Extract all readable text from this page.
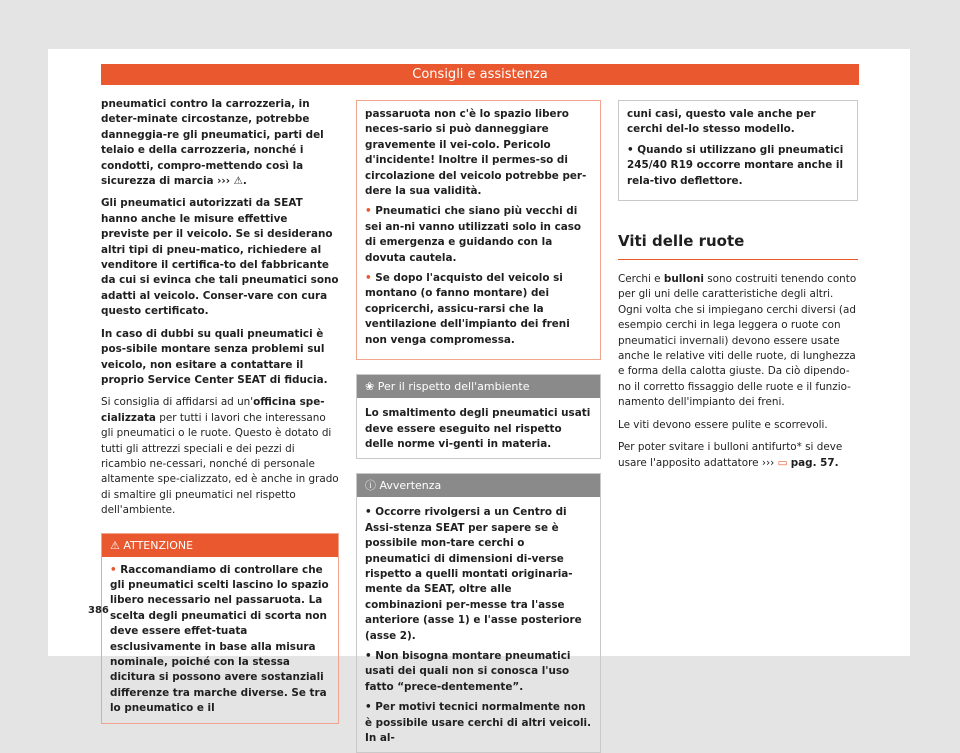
Consigli e assistenza

pneumatici contro la carrozzeria, in deter-minate circostanze, potrebbe danneggia-re gli pneumatici, parti del telaio e della carrozzeria, nonché i condotti, compro-mettendo così la sicurezza di marcia ››› ⚠.

Gli pneumatici autorizzati da SEAT hanno anche le misure effettive previste per il veicolo. Se si desiderano altri tipi di pneu-matico, richiedere al venditore il certifica-to del fabbricante da cui si evinca che tali pneumatici sono adatti al veicolo. Conser-vare con cura questo certificato.

In caso di dubbi su quali pneumatici è pos-sibile montare senza problemi sul veicolo, non esitare a contattare il proprio Service Center SEAT di fiducia.

Si consiglia di affidarsi ad un'officina spe-cializzata per tutti i lavori che interessano gli pneumatici o le ruote. Questo è dotato di tutti gli attrezzi speciali e dei pezzi di ricambio ne-cessari, nonché di personale altamente spe-cializzato, ed è anche in grado di smaltire gli pneumatici nel rispetto dell'ambiente.

⚠ ATTENZIONE

• Raccomandiamo di controllare che gli pneumatici scelti lascino lo spazio libero necessario nel passaruota. La scelta degli pneumatici di scorta non deve essere effet-tuata esclusivamente in base alla misura nominale, poiché con la stessa dicitura si possono avere sostanziali differenze tra marche diverse. Se tra lo pneumatico e il

passaruota non c'è lo spazio libero neces-sario si può danneggiare gravemente il vei-colo. Pericolo d'incidente! Inoltre il permes-so di circolazione del veicolo potrebbe per-dere la sua validità.

• Pneumatici che siano più vecchi di sei an-ni vanno utilizzati solo in caso di emergenza e guidando con la dovuta cautela.

• Se dopo l'acquisto del veicolo si montano (o fanno montare) dei copricerchi, assicu-rarsi che la ventilazione dell'impianto dei freni non venga compromessa.

❀ Per il rispetto dell'ambiente

Lo smaltimento degli pneumatici usati deve essere eseguito nel rispetto delle norme vi-genti in materia.

ⓘ Avvertenza

• Occorre rivolgersi a un Centro di Assi-stenza SEAT per sapere se è possibile mon-tare cerchi o pneumatici di dimensioni di-verse rispetto a quelli montati originaria-mente da SEAT, oltre alle combinazioni per-messe tra l'asse anteriore (asse 1) e l'asse posteriore (asse 2).

• Non bisogna montare pneumatici usati dei quali non si conosca l'uso fatto “prece-dentemente”.

• Per motivi tecnici normalmente non è possibile usare cerchi di altri veicoli. In al-

cuni casi, questo vale anche per cerchi del-lo stesso modello.

• Quando si utilizzano gli pneumatici 245/40 R19 occorre montare anche il rela-tivo deflettore.

Viti delle ruote

Cerchi e bulloni sono costruiti tenendo conto per gli uni delle caratteristiche degli altri. Ogni volta che si impiegano cerchi diversi (ad esempio cerchi in lega leggera o ruote con pneumatici invernali) devono essere usate anche le relative viti delle ruote, di lunghezza e forma della calotta giuste. Da ciò dipendo-no il corretto fissaggio delle ruote e il funzio-namento dell'impianto dei freni.

Le viti devono essere pulite e scorrevoli.

Per poter svitare i bulloni antifurto* si deve usare l'apposito adattatore ››› ▭ pag. 57.

386
